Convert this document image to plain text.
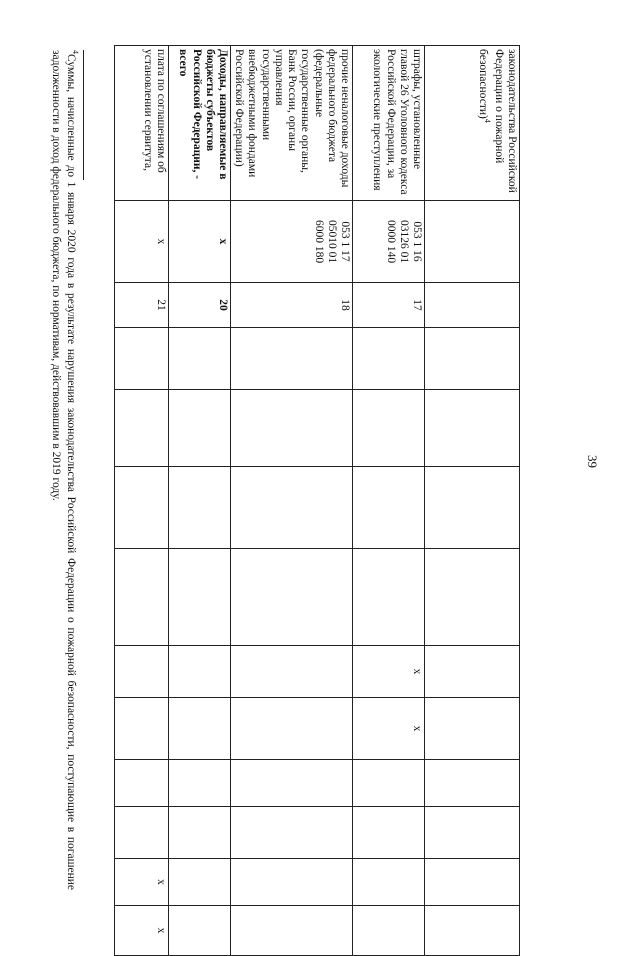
39
законодательства Российской Федерации о пожарной безопасности)$^4$												
штрафы, установленные главой 26 Уголовного кодекса Российской Федерации, за экологические преступления	053 1 16
03126 01
0000 140	17					x	x				
прочие неналоговые доходы федерального бюджета (федеральные государственные органы, Банк России, органы управления государственными внебюджетными фондами Российской Федерации)	053 1 17
05010 01
6000 180	18										
Доходы, направляемые в бюджеты субъектов Российской Федерации, - всего	x	20										
плата по соглашениям об установлении сервитута,	x	21									x	x
$^4$Суммы, начисленные до 1 января 2020 года в результате нарушения законодательства Российской Федерации о пожарной безопасности, поступающие в погашение задолженности в доход федерального бюджета, по нормативам, действовавшим в 2019 году.
